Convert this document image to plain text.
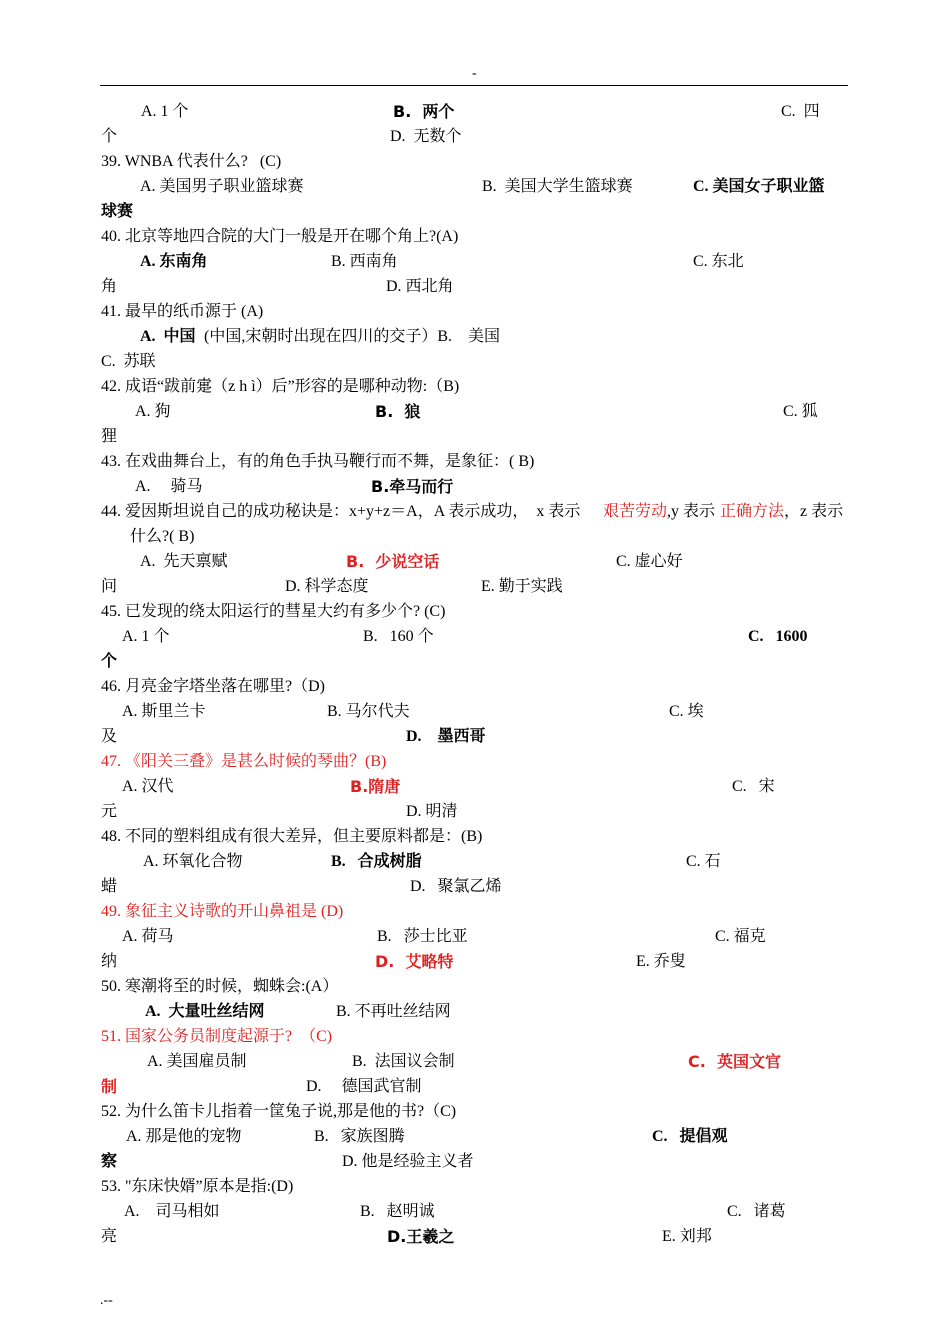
-
A. 1 个	B.  两个	C.  四
个	D.  无数个
39. WNBA 代表什么?   (C)
A. 美国男子职业篮球赛	B.  美国大学生篮球赛	C. 美国女子职业篮
球赛
40. 北京等地四合院的大门一般是开在哪个角上?(A)
A. 东南角	B. 西南角	C. 东北
角	D. 西北角
41. 最早的纸币源于 (A)
A.  中国 (中国,宋朝时出现在四川的交子）B.    美国
C.  苏联
42. 成语“跋前疐（z h ì）后”形容的是哪种动物:（B)
A. 狗	B.  狼	C. 狐
狸
43. 在戏曲舞台上，有的角色手执马鞭行而不舞，是象征：( B)
A.     骑马	B.牵马而行
44. 爱因斯坦说自己的成功秘诀是：x+y+z＝A，A 表示成功，  x 表示 艰苦劳动 ,y 表示 正确方法 ，z 表示
什么?( B)
A.  先天禀赋	B.  少说空话	C. 虚心好
问	D. 科学态度	E. 勤于实践
45. 已发现的绕太阳运行的彗星大约有多少个? (C)
A. 1 个	B.   160 个	C.   1600
个
46. 月亮金字塔坐落在哪里?（D)
A. 斯里兰卡	B. 马尔代夫	C. 埃
及	D.    墨西哥
47. 《阳关三叠》是甚么时候的琴曲？(B)
A. 汉代	B.隋唐	C.   宋
元	D. 明清
48. 不同的塑料组成有很大差异，但主要原料都是：(B)
A. 环氧化合物	B.   合成树脂	C. 石
蜡	D.   聚氯乙烯
49. 象征主义诗歌的开山鼻祖是 (D)
A. 荷马	B.   莎士比亚	C. 福克
纳	D.  艾略特	E. 乔叟
50. 寒潮将至的时候，蜘蛛会:(A）
A.  大量吐丝结网	B. 不再吐丝结网
51. 国家公务员制度起源于?  （C)
A. 美国雇员制	B.  法国议会制	C.  英国文官
制	D.     德国武官制
52. 为什么笛卡儿指着一筐兔子说,那是他的书?（C)
A. 那是他的宠物	B.   家族图腾	C.   提倡观
察	D. 他是经验主义者
53. "东床快婿”原本是指:(D)
A.    司马相如	B.   赵明诚	C.   诸葛
亮	D.王羲之	E. 刘邦
.--
